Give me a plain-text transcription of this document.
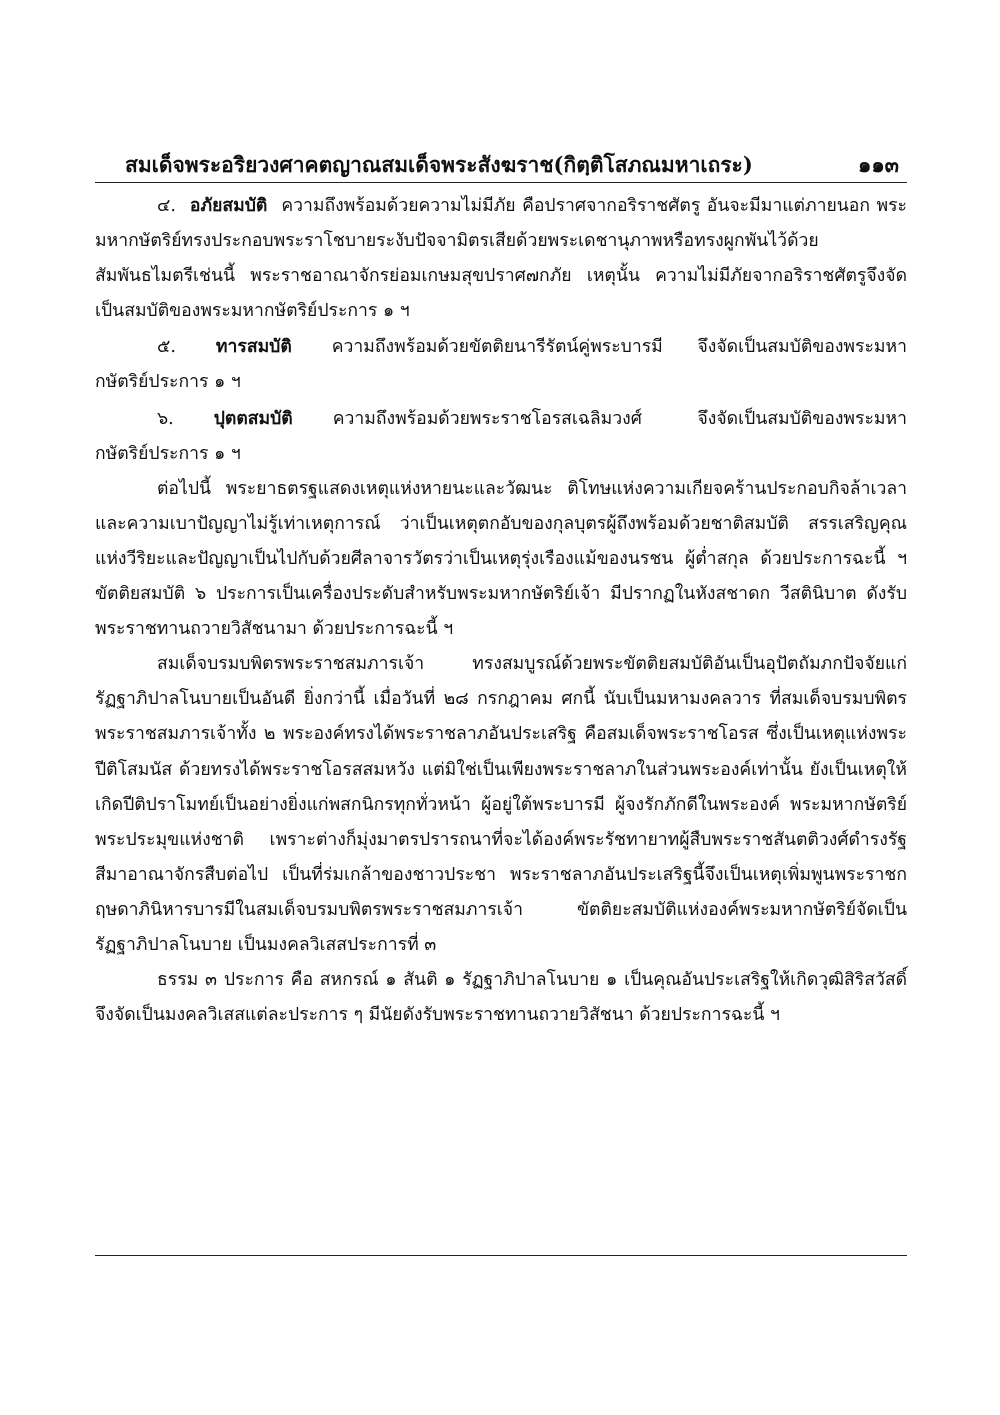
สมเด็จพระอริยวงศาคตญาณสมเด็จพระสังฆราช(กิตฺติโสภณมหาเถระ)	๑๑๓

๔. อภัยสมบัติ ความถึงพร้อมด้วยความไม่มีภัย คือปราศจากอริราชศัตรู อันจะมีมาแต่ภายนอก พระมหากษัตริย์ทรงประกอบพระราโชบายระงับปัจจามิตรเสียด้วยพระเดชานุภาพหรือทรงผูกพันไว้ด้วยสัมพันธไมตรีเช่นนี้ พระราชอาณาจักรย่อมเกษมสุขปราศ๗กภัย เหตุนั้น ความไม่มีภัยจากอริราชศัตรูจึงจัดเป็นสมบัติของพระมหากษัตริย์ประการ ๑ ฯ

๕. ทารสมบัติ ความถึงพร้อมด้วยขัตติยนารีรัตน์คู่พระบารมี จึงจัดเป็นสมบัติของพระมหากษัตริย์ประการ ๑ ฯ

๖. ปุตตสมบัติ ความถึงพร้อมด้วยพระราชโอรสเฉลิมวงศ์ จึงจัดเป็นสมบัติของพระมหากษัตริย์ประการ ๑ ฯ

ต่อไปนี้ พระยาธตรฐแสดงเหตุแห่งหายนะและวัฒนะ ติโทษแห่งความเกียจคร้านประกอบกิจล้าเวลา และความเบาปัญญาไม่รู้เท่าเหตุการณ์ ว่าเป็นเหตุตกอับของกุลบุตรผู้ถึงพร้อมด้วยชาติสมบัติ สรรเสริญคุณแห่งวีริยะและปัญญาเป็นไปกับด้วยศีลาจารวัตรว่าเป็นเหตุรุ่งเรืองแม้ของนรชน ผู้ต่ำสกุล ด้วยประการฉะนี้ ฯ ขัตติยสมบัติ ๖ ประการเป็นเครื่องประดับสำหรับพระมหากษัตริย์เจ้า มีปรากฏในหังสชาดก วีสตินิบาต ดังรับพระราชทานถวายวิสัชนามา ด้วยประการฉะนี้ ฯ

สมเด็จบรมบพิตรพระราชสมภารเจ้า ทรงสมบูรณ์ด้วยพระขัตติยสมบัติอันเป็นอุปัตถัมภกปัจจัยแก่รัฏฐาภิปาลโนบายเป็นอันดี ยิ่งกว่านี้ เมื่อวันที่ ๒๘ กรกฎาคม ศกนี้ นับเป็นมหามงคลวาร ที่สมเด็จบรมบพิตรพระราชสมภารเจ้าทั้ง ๒ พระองค์ทรงได้พระราชลาภอันประเสริฐ คือสมเด็จพระราชโอรส ซึ่งเป็นเหตุแห่งพระปีติโสมนัส ด้วยทรงได้พระราชโอรสสมหวัง แต่มิใช่เป็นเพียงพระราชลาภในส่วนพระองค์เท่านั้น ยังเป็นเหตุให้เกิดปีติปราโมทย์เป็นอย่างยิ่งแก่พสกนิกรทุกทั่วหน้า ผู้อยู่ใต้พระบารมี ผู้จงรักภักดีในพระองค์ พระมหากษัตริย์พระประมุขแห่งชาติ เพราะต่างก็มุ่งมาตรปรารถนาที่จะได้องค์พระรัชทายาทผู้สืบพระราชสันตติวงศ์ดำรงรัฐสีมาอาณาจักรสืบต่อไป เป็นที่ร่มเกล้าของชาวประชา พระราชลาภอันประเสริฐนี้จึงเป็นเหตุเพิ่มพูนพระราชกฤษดาภินิหารบารมีในสมเด็จบรมบพิตรพระราชสมภารเจ้า ขัตติยะสมบัติแห่งองค์พระมหากษัตริย์จัดเป็นรัฏฐาภิปาลโนบาย เป็นมงคลวิเสสประการที่ ๓

ธรรม ๓ ประการ คือ สหกรณ์ ๑ สันติ ๑ รัฏฐาภิปาลโนบาย ๑ เป็นคุณอันประเสริฐให้เกิดวุฒิสิริสวัสดิ์ จึงจัดเป็นมงคลวิเสสแต่ละประการ ๆ มีนัยดังรับพระราชทานถวายวิสัชนา ด้วยประการฉะนี้ ฯ
